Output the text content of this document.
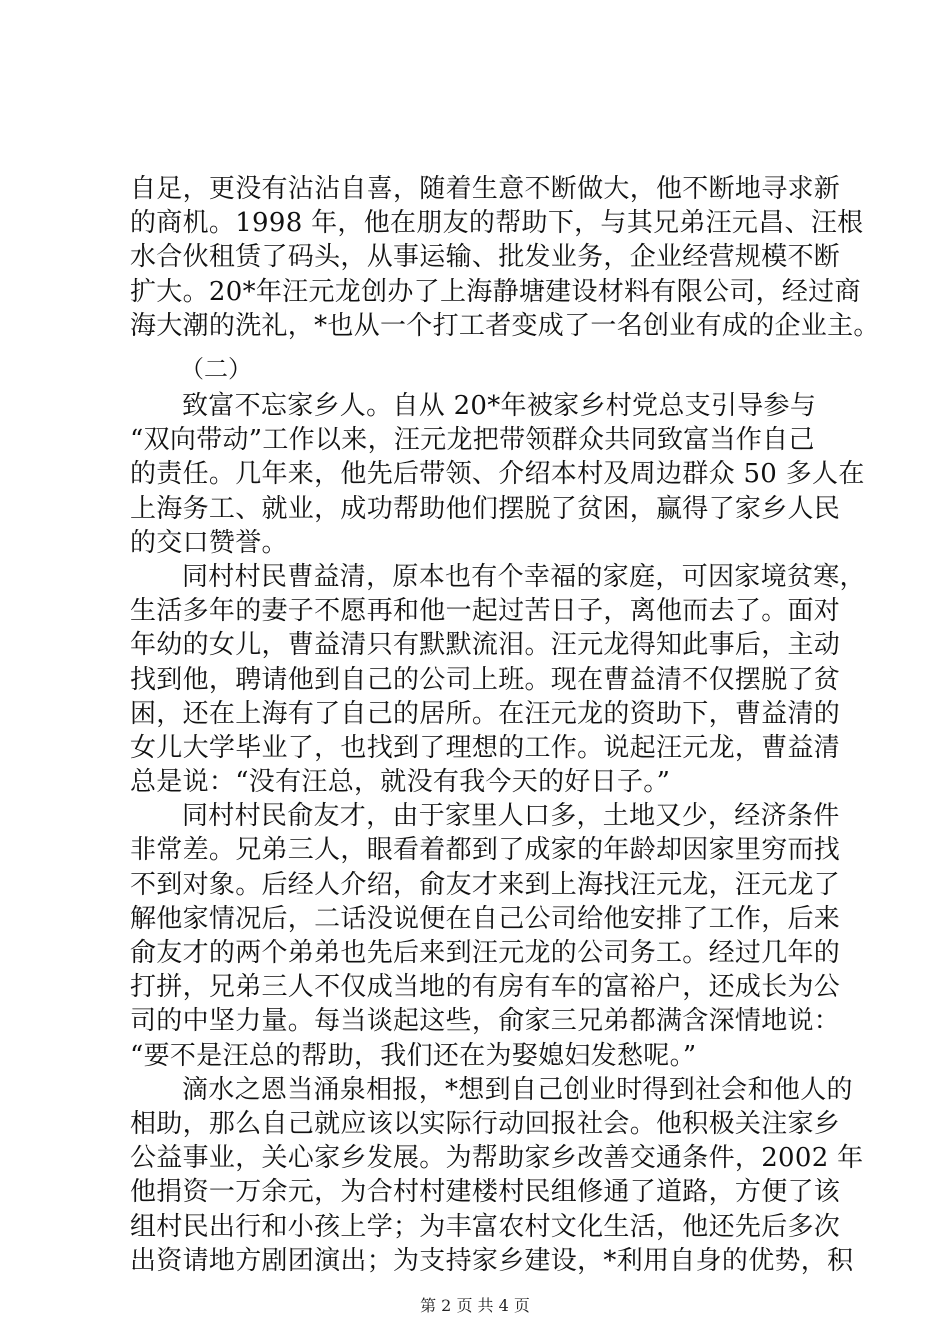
自足，更没有沾沾自喜，随着生意不断做大，他不断地寻求新
的商机。1998 年，他在朋友的帮助下，与其兄弟汪元昌、汪根
水合伙租赁了码头，从事运输、批发业务，企业经营规模不断
扩大。20*年汪元龙创办了上海静塘建设材料有限公司，经过商
海大潮的洗礼，*也从一个打工者变成了一名创业有成的企业主。
（二）
致富不忘家乡人。自从 20*年被家乡村党总支引导参与
“双向带动”工作以来，汪元龙把带领群众共同致富当作自己
的责任。几年来，他先后带领、介绍本村及周边群众 50 多人在
上海务工、就业，成功帮助他们摆脱了贫困，赢得了家乡人民
的交口赞誉。
同村村民曹益清，原本也有个幸福的家庭，可因家境贫寒，
生活多年的妻子不愿再和他一起过苦日子，离他而去了。面对
年幼的女儿，曹益清只有默默流泪。汪元龙得知此事后，主动
找到他，聘请他到自己的公司上班。现在曹益清不仅摆脱了贫
困，还在上海有了自己的居所。在汪元龙的资助下，曹益清的
女儿大学毕业了，也找到了理想的工作。说起汪元龙，曹益清
总是说：“没有汪总，就没有我今天的好日子。”
同村村民俞友才，由于家里人口多，土地又少，经济条件
非常差。兄弟三人，眼看着都到了成家的年龄却因家里穷而找
不到对象。后经人介绍，俞友才来到上海找汪元龙，汪元龙了
解他家情况后，二话没说便在自己公司给他安排了工作，后来
俞友才的两个弟弟也先后来到汪元龙的公司务工。经过几年的
打拼，兄弟三人不仅成当地的有房有车的富裕户，还成长为公
司的中坚力量。每当谈起这些，俞家三兄弟都满含深情地说：
“要不是汪总的帮助，我们还在为娶媳妇发愁呢。”
滴水之恩当涌泉相报，*想到自己创业时得到社会和他人的
相助，那么自己就应该以实际行动回报社会。他积极关注家乡
公益事业，关心家乡发展。为帮助家乡改善交通条件，2002 年
他捐资一万余元，为合村村建楼村民组修通了道路，方便了该
组村民出行和小孩上学；为丰富农村文化生活，他还先后多次
出资请地方剧团演出；为支持家乡建设，*利用自身的优势，积
第 2 页 共 4 页
